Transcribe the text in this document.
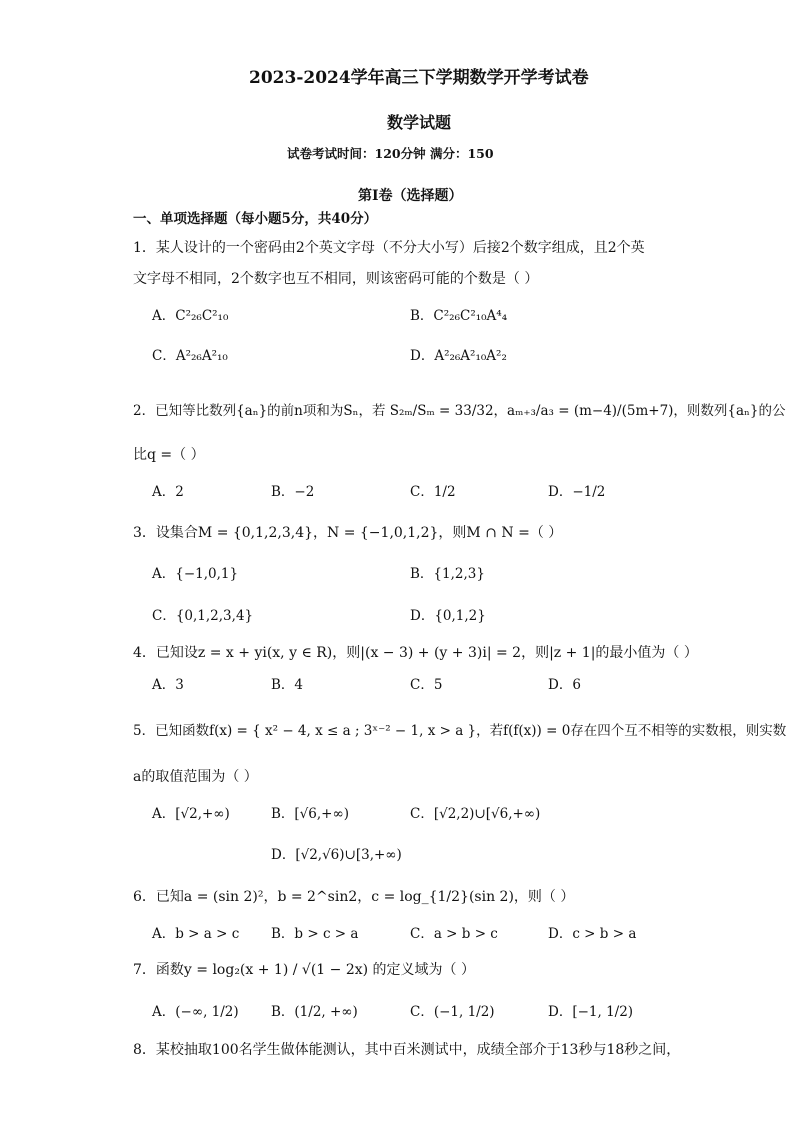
2023-2024学年高三下学期数学开学考试卷
数学试题
试卷考试时间：120分钟 满分：150
第I卷（选择题）
一、单项选择题（每小题5分，共40分）
1．某人设计的一个密码由2个英文字母（不分大小写）后接2个数字组成，且2个英
文字母不相同，2个数字也互不相同，则该密码可能的个数是（ ）
A．C²₂₆C²₁₀	B．C²₂₆C²₁₀A⁴₄
C．A²₂₆A²₁₀	D．A²₂₆A²₁₀A²₂
2．已知等比数列{aₙ}的前n项和为Sₙ，若 S₂ₘ/Sₘ = 33/32，aₘ₊₃/a₃ = (m−4)/(5m+7)，则数列{aₙ}的公
比q =（ ）
A．2	B．−2	C．1/2	D．−1/2
3．设集合M = {0,1,2,3,4}，N = {−1,0,1,2}，则M ∩ N =（ ）
A．{−1,0,1}	B．{1,2,3}
C．{0,1,2,3,4}	D．{0,1,2}
4．已知设z = x + yi(x, y ∈ R)，则|(x − 3) + (y + 3)i| = 2，则|z + 1|的最小值为（ ）
A．3	B．4	C．5	D．6
5．已知函数f(x) = { x² − 4, x ≤ a ; 3ˣ⁻² − 1, x > a }，若f(f(x)) = 0存在四个互不相等的实数根，则实数
a的取值范围为（ ）
A．[√2,+∞)	B．[√6,+∞)	C．[√2,2)∪[√6,+∞)
D．[√2,√6)∪[3,+∞)
6．已知a = (sin 2)²，b = 2^sin2，c = log_{1/2}(sin 2)，则（ ）
A．b > a > c B．b > c > a	C．a > b > c	D．c > b > a
7．函数y = log₂(x + 1) / √(1 − 2x) 的定义域为（ ）
A．(−∞, 1/2) B．(1/2, +∞)	C．(−1, 1/2)	D．[−1, 1/2)
8．某校抽取100名学生做体能测认，其中百米测试中，成绩全部介于13秒与18秒之间，
